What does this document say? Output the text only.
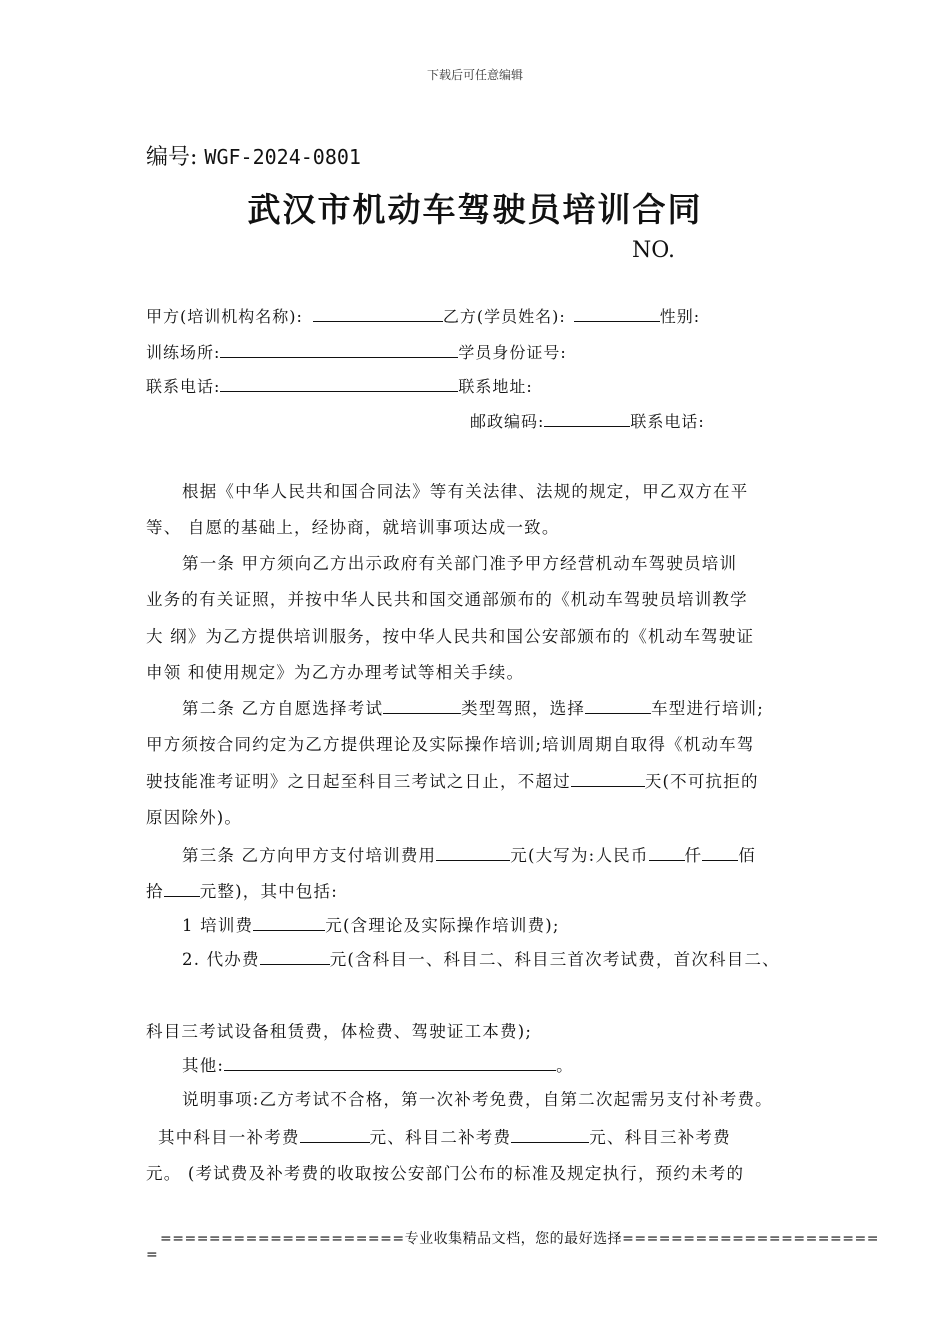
下载后可任意编辑
编号: WGF-2024-0801
武汉市机动车驾驶员培训合同
NO.
甲方(培训机构名称):	乙方(学员姓名):	性别:
训练场所:	学员身份证号:
联系电话:	联系地址:
邮政编码:	联系电话:
根据《中华人民共和国合同法》等有关法律、法规的规定，甲乙双方在平
等、 自愿的基础上，经协商，就培训事项达成一致。
第一条 甲方须向乙方出示政府有关部门准予甲方经营机动车驾驶员培训
业务的有关证照，并按中华人民共和国交通部颁布的《机动车驾驶员培训教学
大 纲》为乙方提供培训服务，按中华人民共和国公安部颁布的《机动车驾驶证
申领 和使用规定》为乙方办理考试等相关手续。
第二条 乙方自愿选择考试	类型驾照，选择	车型进行培训;
甲方须按合同约定为乙方提供理论及实际操作培训;培训周期自取得《机动车驾
驶技能准考证明》之日起至科目三考试之日止，不超过	天(不可抗拒的
原因除外)。
第三条 乙方向甲方支付培训费用	元(大写为:人民币 仟 佰
拾 元整)，其中包括:
1 培训费	元(含理论及实际操作培训费);
2. 代办费	元(含科目一、科目二、科目三首次考试费，首次科目二、
科目三考试设备租赁费，体检费、驾驶证工本费);
其他:	。
说明事项:乙方考试不合格，第一次补考免费，自第二次起需另支付补考费。
其中科目一补考费	元、科目二补考费	元、科目三补考费
元。 (考试费及补考费的收取按公安部门公布的标准及规定执行，预约未考的
====================专业收集精品文档，您的最好选择=====================
=
